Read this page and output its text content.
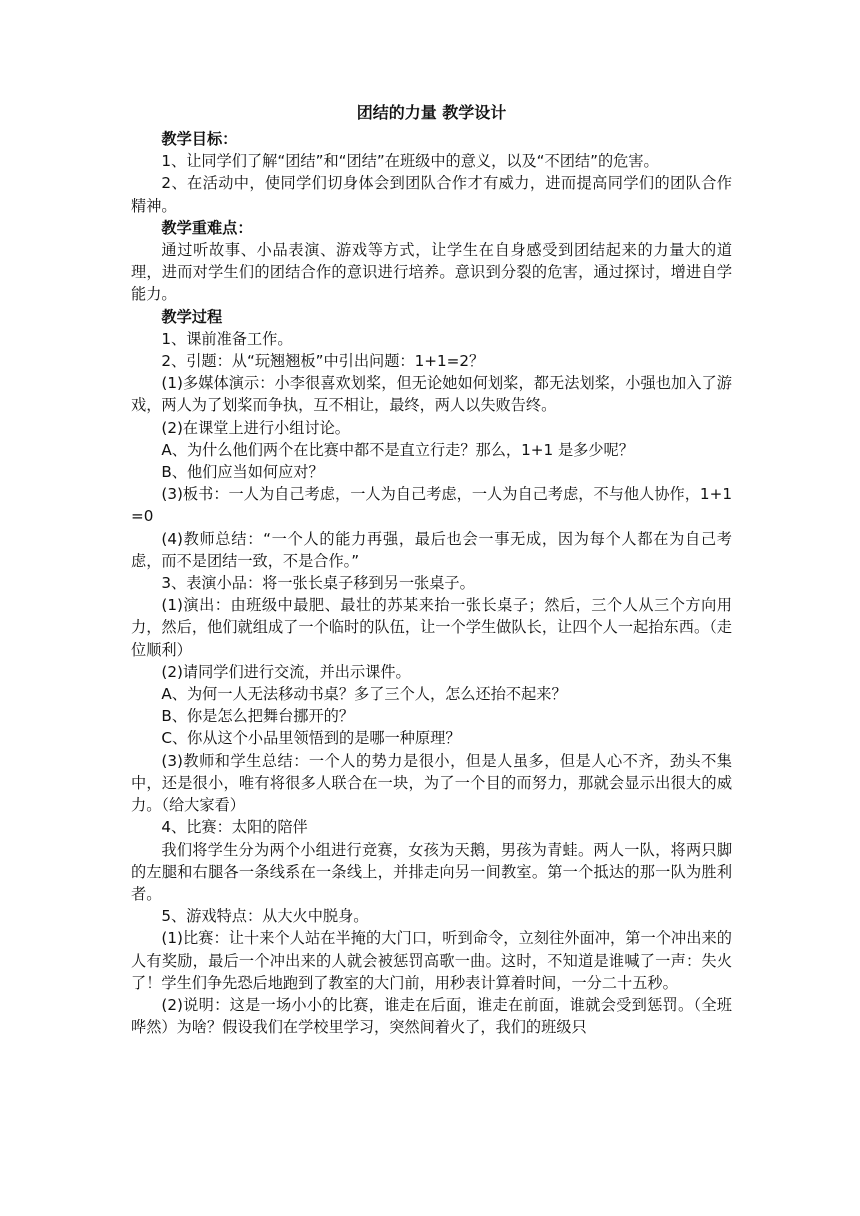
团结的力量 教学设计

教学目标：

1、让同学们了解“团结”和“团结”在班级中的意义，以及“不团结”的危害。

2、在活动中，使同学们切身体会到团队合作才有威力，进而提高同学们的团队合作精神。

教学重难点：

通过听故事、小品表演、游戏等方式，让学生在自身感受到团结起来的力量大的道理，进而对学生们的团结合作的意识进行培养。意识到分裂的危害，通过探讨，增进自学能力。

教学过程

1、课前准备工作。

2、引题：从“玩翘翘板”中引出问题：1+1=2？

(1)多媒体演示：小李很喜欢划桨，但无论她如何划桨，都无法划桨，小强也加入了游戏，两人为了划桨而争执，互不相让，最终，两人以失败告终。

(2)在课堂上进行小组讨论。

A、为什么他们两个在比赛中都不是直立行走？那么，1+1 是多少呢？

B、他们应当如何应对？

(3)板书：一人为自己考虑，一人为自己考虑，一人为自己考虑，不与他人协作，1+1=0

(4)教师总结：“一个人的能力再强，最后也会一事无成，因为每个人都在为自己考虑，而不是团结一致，不是合作。”

3、表演小品：将一张长桌子移到另一张桌子。

(1)演出：由班级中最肥、最壮的苏某来抬一张长桌子；然后，三个人从三个方向用力，然后，他们就组成了一个临时的队伍，让一个学生做队长，让四个人一起抬东西。（走位顺利）

(2)请同学们进行交流，并出示课件。

A、为何一人无法移动书桌？多了三个人，怎么还抬不起来？

B、你是怎么把舞台挪开的？

C、你从这个小品里领悟到的是哪一种原理？

(3)教师和学生总结：一个人的势力是很小，但是人虽多，但是人心不齐，劲头不集中，还是很小，唯有将很多人联合在一块，为了一个目的而努力，那就会显示出很大的威力。（给大家看）

4、比赛：太阳的陪伴

我们将学生分为两个小组进行竞赛，女孩为天鹅，男孩为青蛙。两人一队，将两只脚的左腿和右腿各一条线系在一条线上，并排走向另一间教室。第一个抵达的那一队为胜利者。

5、游戏特点：从大火中脱身。

(1)比赛：让十来个人站在半掩的大门口，听到命令，立刻往外面冲，第一个冲出来的人有奖励，最后一个冲出来的人就会被惩罚高歌一曲。这时，不知道是谁喊了一声：失火了！学生们争先恐后地跑到了教室的大门前，用秒表计算着时间，一分二十五秒。

(2)说明：这是一场小小的比赛，谁走在后面，谁走在前面，谁就会受到惩罚。（全班哗然）为啥？假设我们在学校里学习，突然间着火了，我们的班级只
